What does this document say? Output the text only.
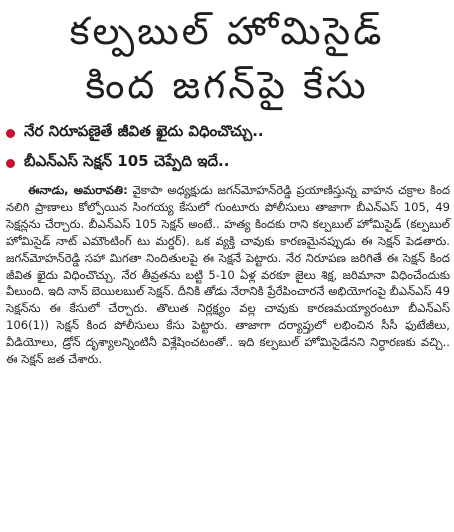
కల్పబుల్ హోమిసైడ్
కింద జగన్‌పై కేసు
నేర నిరూపణైతే జీవిత ఖైదు విధించొచ్చు..
బీఎన్ఎస్ సెక్షన్ 105 చెప్పేది ఇదే..
ఈనాడు, అమరావతి: వైకాపా అధ్యక్షుడు జగన్‌మోహన్‌రెడ్డి ప్రయాణిస్తున్న వాహన చక్రాల కింద నలిగి ప్రాణాలు కోల్పోయిన సింగయ్య కేసులో గుంటూరు పోలీసులు తాజాగా బీఎన్ఎస్ 105, 49 సెక్షన్లను చేర్చారు. బీఎన్ఎస్ 105 సెక్షన్ అంటే.. హత్య కిందకు రాని కల్పబుల్ హోమిసైడ్ (కల్పబుల్ హోమిసైడ్ నాట్ ఎమౌంటింగ్ టు మర్డర్). ఒక వ్యక్తి చావుకు కారణమైనప్పుడు ఈ సెక్షన్ పెడతారు. జగన్‌మోహన్‌రెడ్డి సహా మిగతా నిందితులపై ఈ సెక్షనే పెట్టారు. నేర నిరూపణ జరిగితే ఈ సెక్షన్ కింద జీవిత ఖైదు విధించొచ్చు. నేర తీవ్రతను బట్టి 5-10 ఏళ్ల వరకూ జైలు శిక్ష, జరిమానా విధించేందుకు వీలుంది. ఇది నాన్ బెయిలబుల్ సెక్షన్. దీనికి తోడు నేరానికి ప్రేరేపించారనే అభియోగంపై బీఎన్ఎస్ 49 సెక్షన్‌ను ఈ కేసులో చేర్చారు. తొలుత నిర్లక్ష్యం వల్ల చావుకు కారణమయ్యారంటూ బీఎన్ఎస్ 106(1)) సెక్షన్ కింద పోలీసులు కేసు పెట్టారు. తాజాగా దర్యాప్తులో లభించిన సీసీ ఫుటేజీలు, వీడియోలు, డ్రోన్ దృశ్యాలన్నింటినీ విశ్లేషించటంతో.. ఇది కల్పబుల్ హోమిసైడేనని నిర్ధారణకు వచ్చి.. ఈ సెక్షన్ జత చేశారు.
